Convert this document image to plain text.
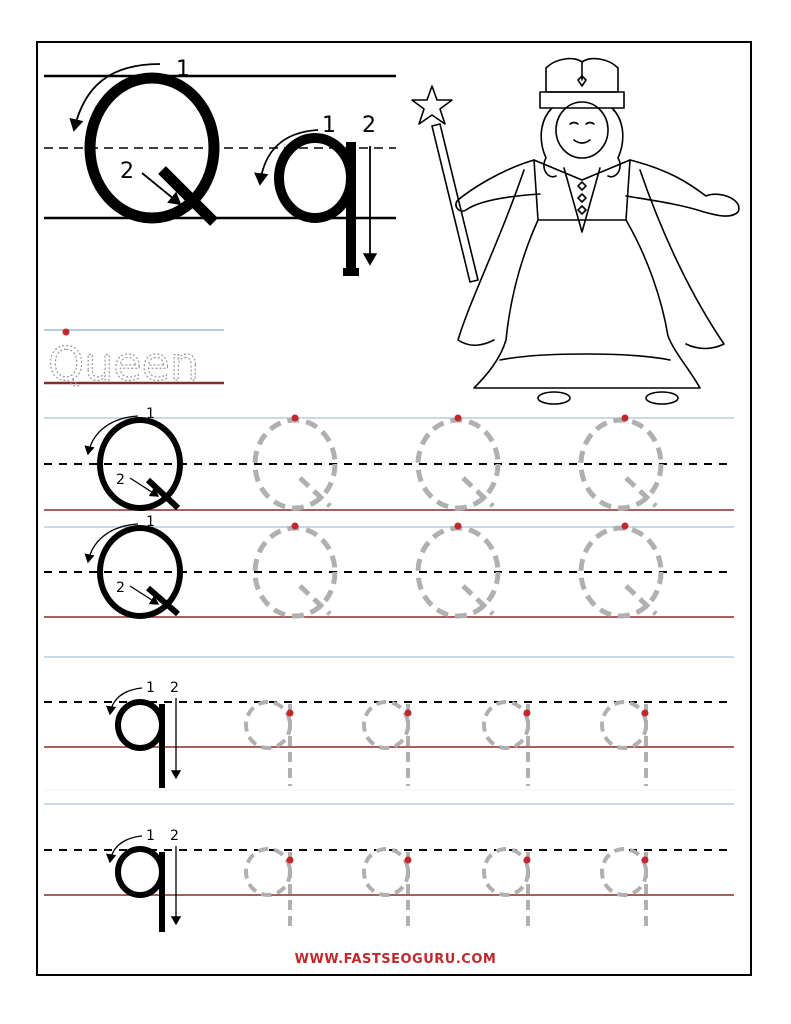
1
2
1 2
Queen
1
2
1
2
1 2
1 2
WWW.FASTSEOGURU.COM
